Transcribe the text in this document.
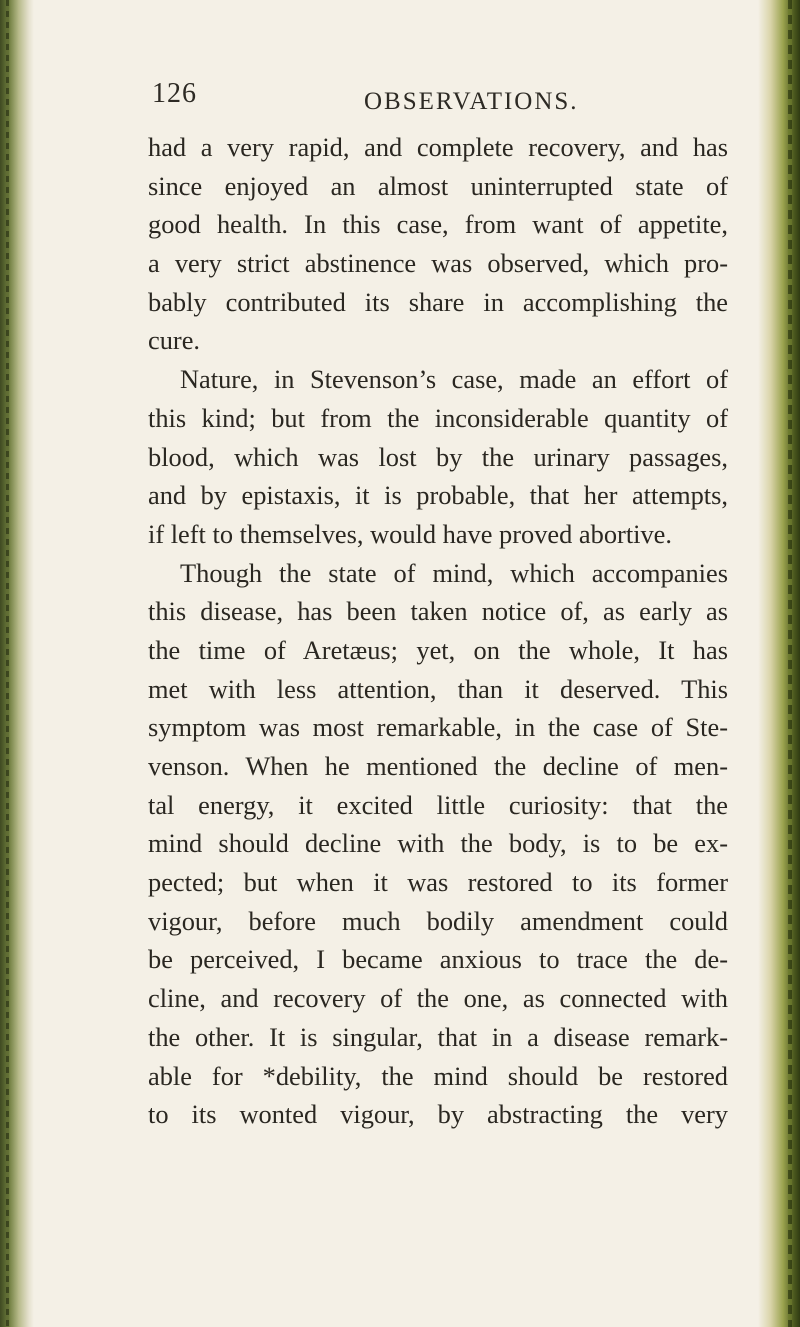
126	OBSERVATIONS.
had a very rapid, and complete recovery, and has
since enjoyed an almost uninterrupted state of
good health. In this case, from want of appetite,
a very strict abstinence was observed, which pro-
bably contributed its share in accomplishing the
cure.
Nature, in Stevenson’s case, made an effort of
this kind; but from the inconsiderable quantity of
blood, which was lost by the urinary passages,
and by epistaxis, it is probable, that her attempts,
if left to themselves, would have proved abortive.
Though the state of mind, which accompanies
this disease, has been taken notice of, as early as
the time of Aretæus; yet, on the whole, It has
met with less attention, than it deserved. This
symptom was most remarkable, in the case of Ste-
venson. When he mentioned the decline of men-
tal energy, it excited little curiosity: that the
mind should decline with the body, is to be ex-
pected; but when it was restored to its former
vigour, before much bodily amendment could
be perceived, I became anxious to trace the de-
cline, and recovery of the one, as connected with
the other. It is singular, that in a disease remark-
able for *debility, the mind should be restored
to its wonted vigour, by abstracting the very
